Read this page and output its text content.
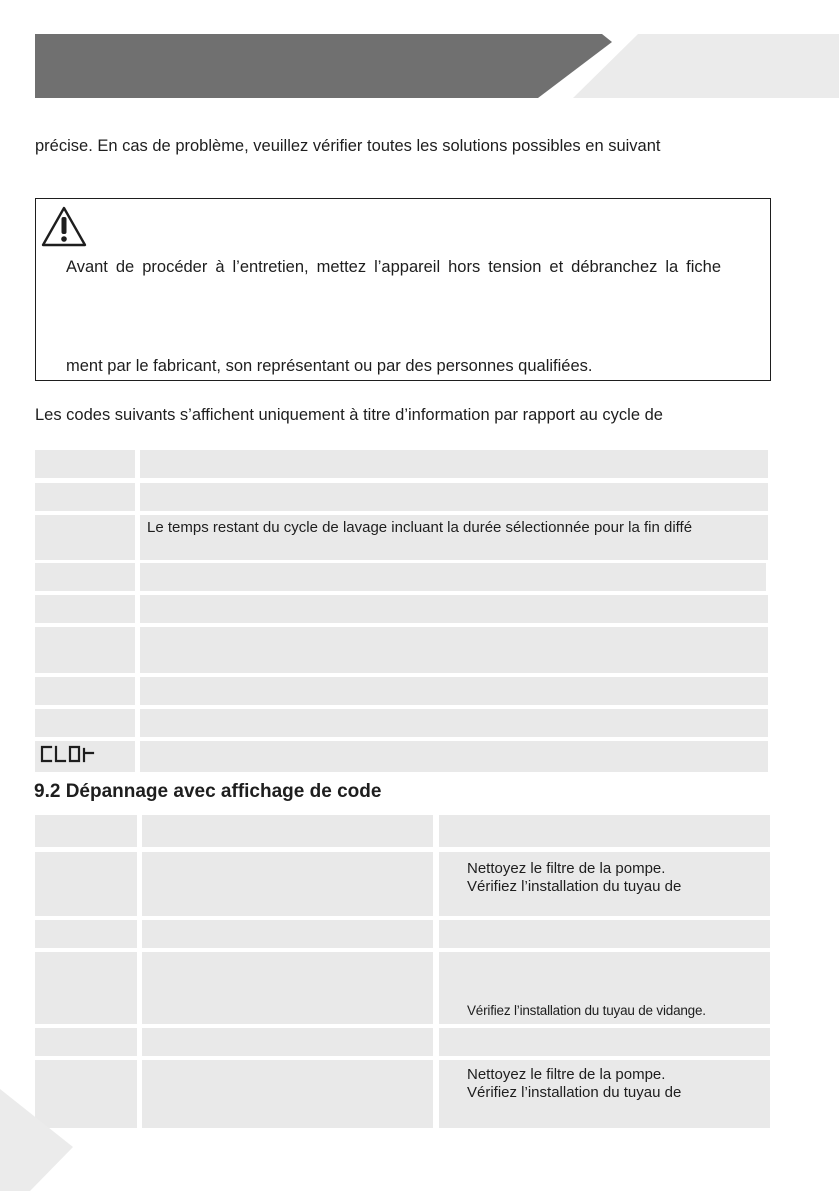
précise. En cas de problème, veuillez vérifier toutes les solutions possibles en suivant
Avant de procéder à l’entretien, mettez l’appareil hors tension et débranchez la fiche
ment par le fabricant, son représentant ou par des personnes qualifiées.
Les codes suivants s’affichent uniquement à titre d’information par rapport au cycle de
Le temps restant du cycle de lavage incluant la durée sélectionnée pour la fin diffé
9.2 Dépannage avec affichage de code
Nettoyez le filtre de la pompe.
Vérifiez l’installation du tuyau de
Vérifiez l’installation du tuyau de vidange.
Nettoyez le filtre de la pompe.
Vérifiez l’installation du tuyau de
